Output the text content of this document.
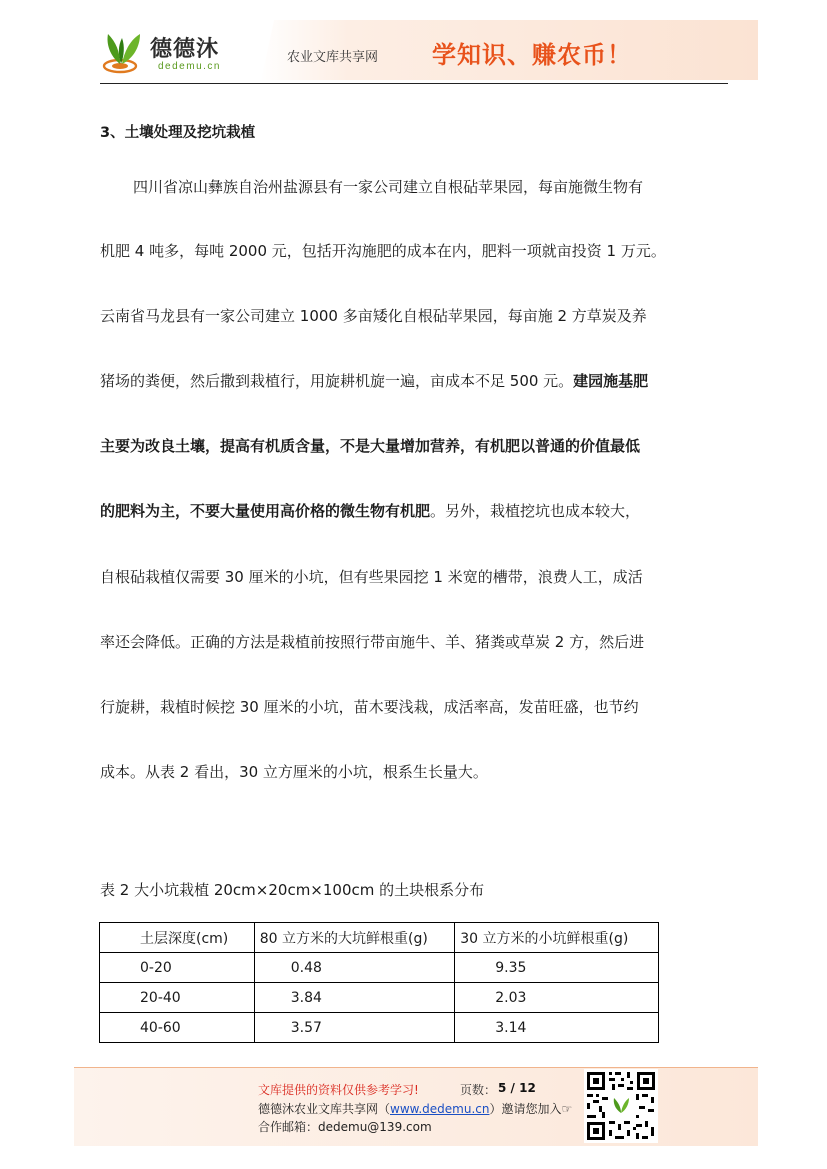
德德沐
dedemu.cn
农业文库共享网 学知识、赚农币！
3、土壤处理及挖坑栽植
四川省凉山彝族自治州盐源县有一家公司建立自根砧苹果园，每亩施微生物有
机肥 4 吨多，每吨 2000 元，包括开沟施肥的成本在内，肥料一项就亩投资 1 万元。
云南省马龙县有一家公司建立 1000 多亩矮化自根砧苹果园，每亩施 2 方草炭及养
猪场的粪便，然后撒到栽植行，用旋耕机旋一遍，亩成本不足 500 元。建园施基肥
主要为改良土壤，提高有机质含量，不是大量增加营养，有机肥以普通的价值最低
的肥料为主，不要大量使用高价格的微生物有机肥。另外，栽植挖坑也成本较大，
自根砧栽植仅需要 30 厘米的小坑，但有些果园挖 1 米宽的槽带，浪费人工，成活
率还会降低。正确的方法是栽植前按照行带亩施牛、羊、猪粪或草炭 2 方，然后进
行旋耕，栽植时候挖 30 厘米的小坑，苗木要浅栽，成活率高，发苗旺盛，也节约
成本。从表 2 看出，30 立方厘米的小坑，根系生长量大。
表 2 大小坑栽植 20cm×20cm×100cm 的土块根系分布
土层深度(cm)	80 立方米的大坑鲜根重(g)	30 立方米的小坑鲜根重(g)
0-20	0.48	9.35
20-40	3.84	2.03
40-60	3.57	3.14
文库提供的资料仅供参考学习!	页数： 5 / 12
德德沐农业文库共享网（www.dedemu.cn）邀请您加入☞
合作邮箱：dedemu@139.com
